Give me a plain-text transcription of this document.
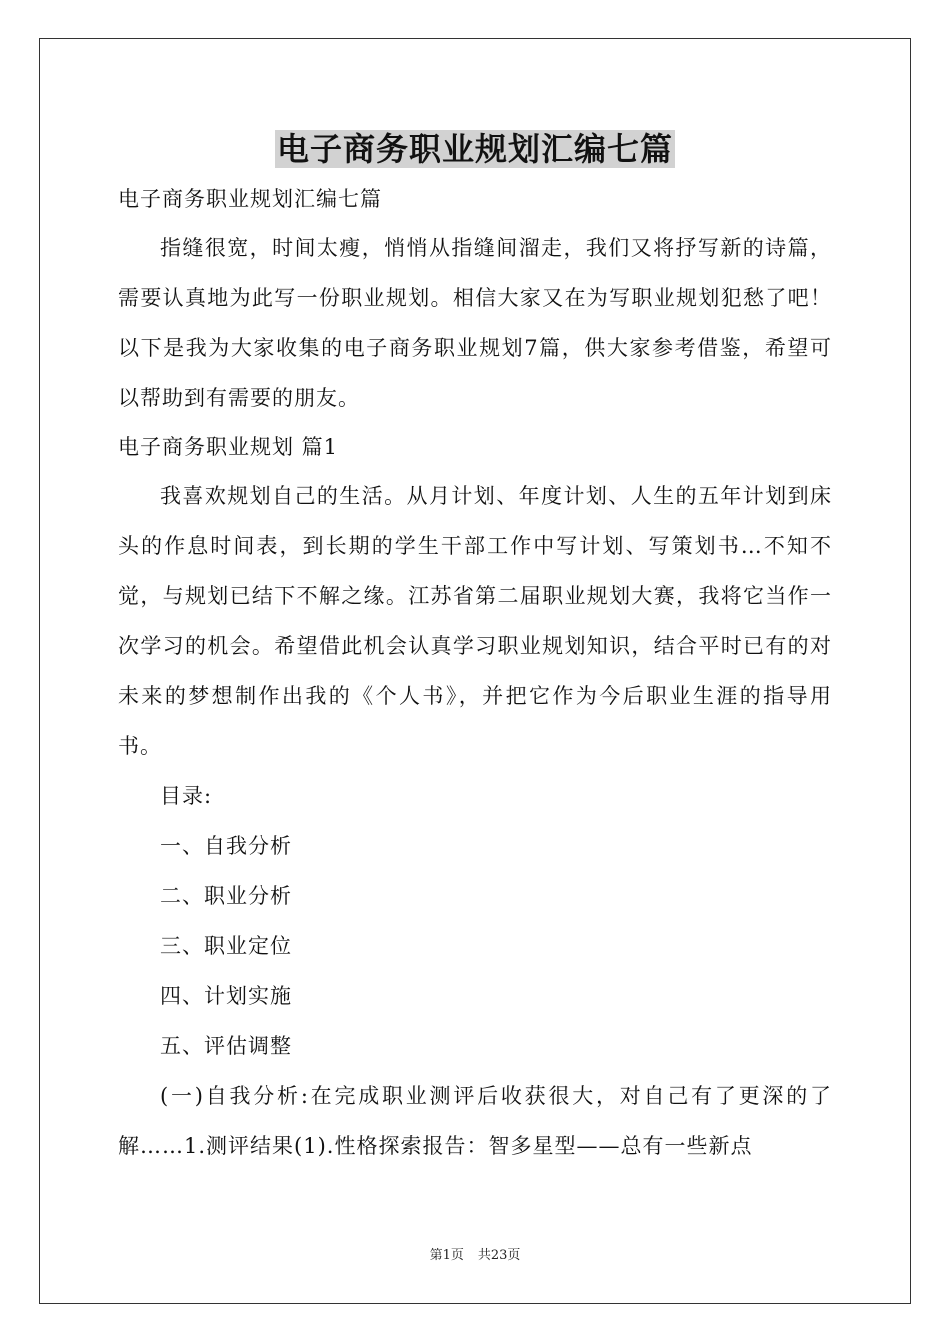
电子商务职业规划汇编七篇

电子商务职业规划汇编七篇

指缝很宽，时间太瘦，悄悄从指缝间溜走，我们又将抒写新的诗篇，需要认真地为此写一份职业规划。相信大家又在为写职业规划犯愁了吧！以下是我为大家收集的电子商务职业规划7篇，供大家参考借鉴，希望可以帮助到有需要的朋友。

电子商务职业规划 篇1

我喜欢规划自己的生活。从月计划、年度计划、人生的五年计划到床头的作息时间表，到长期的学生干部工作中写计划、写策划书…不知不觉，与规划已结下不解之缘。江苏省第二届职业规划大赛，我将它当作一次学习的机会。希望借此机会认真学习职业规划知识，结合平时已有的对未来的梦想制作出我的《个人书》，并把它作为今后职业生涯的指导用书。

目录:

一、自我分析

二、职业分析

三、职业定位

四、计划实施

五、评估调整

(一)自我分析:在完成职业测评后收获很大，对自己有了更深的了解……1.测评结果(1).性格探索报告：智多星型——总有一些新点

第1页 共23页
